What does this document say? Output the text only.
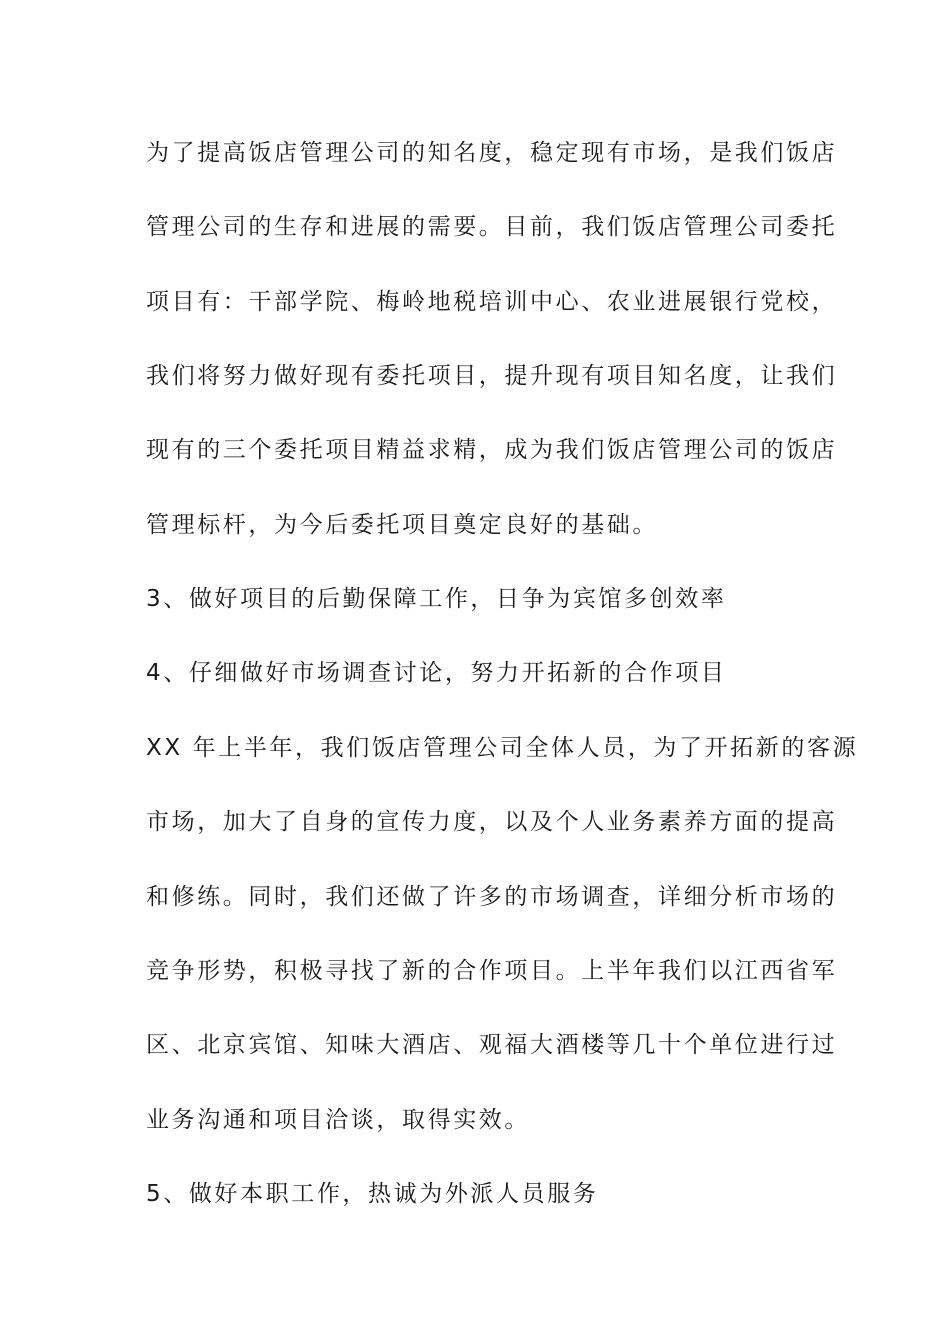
为了提高饭店管理公司的知名度，稳定现有市场，是我们饭店
管理公司的生存和进展的需要。目前，我们饭店管理公司委托
项目有：干部学院、梅岭地税培训中心、农业进展银行党校，
我们将努力做好现有委托项目，提升现有项目知名度，让我们
现有的三个委托项目精益求精，成为我们饭店管理公司的饭店
管理标杆，为今后委托项目奠定良好的基础。
3、做好项目的后勤保障工作，日争为宾馆多创效率
4、仔细做好市场调查讨论，努力开拓新的合作项目
XX 年上半年，我们饭店管理公司全体人员，为了开拓新的客源
市场，加大了自身的宣传力度，以及个人业务素养方面的提高
和修练。同时，我们还做了许多的市场调查，详细分析市场的
竞争形势，积极寻找了新的合作项目。上半年我们以江西省军
区、北京宾馆、知味大酒店、观福大酒楼等几十个单位进行过
业务沟通和项目洽谈，取得实效。
5、做好本职工作，热诚为外派人员服务
